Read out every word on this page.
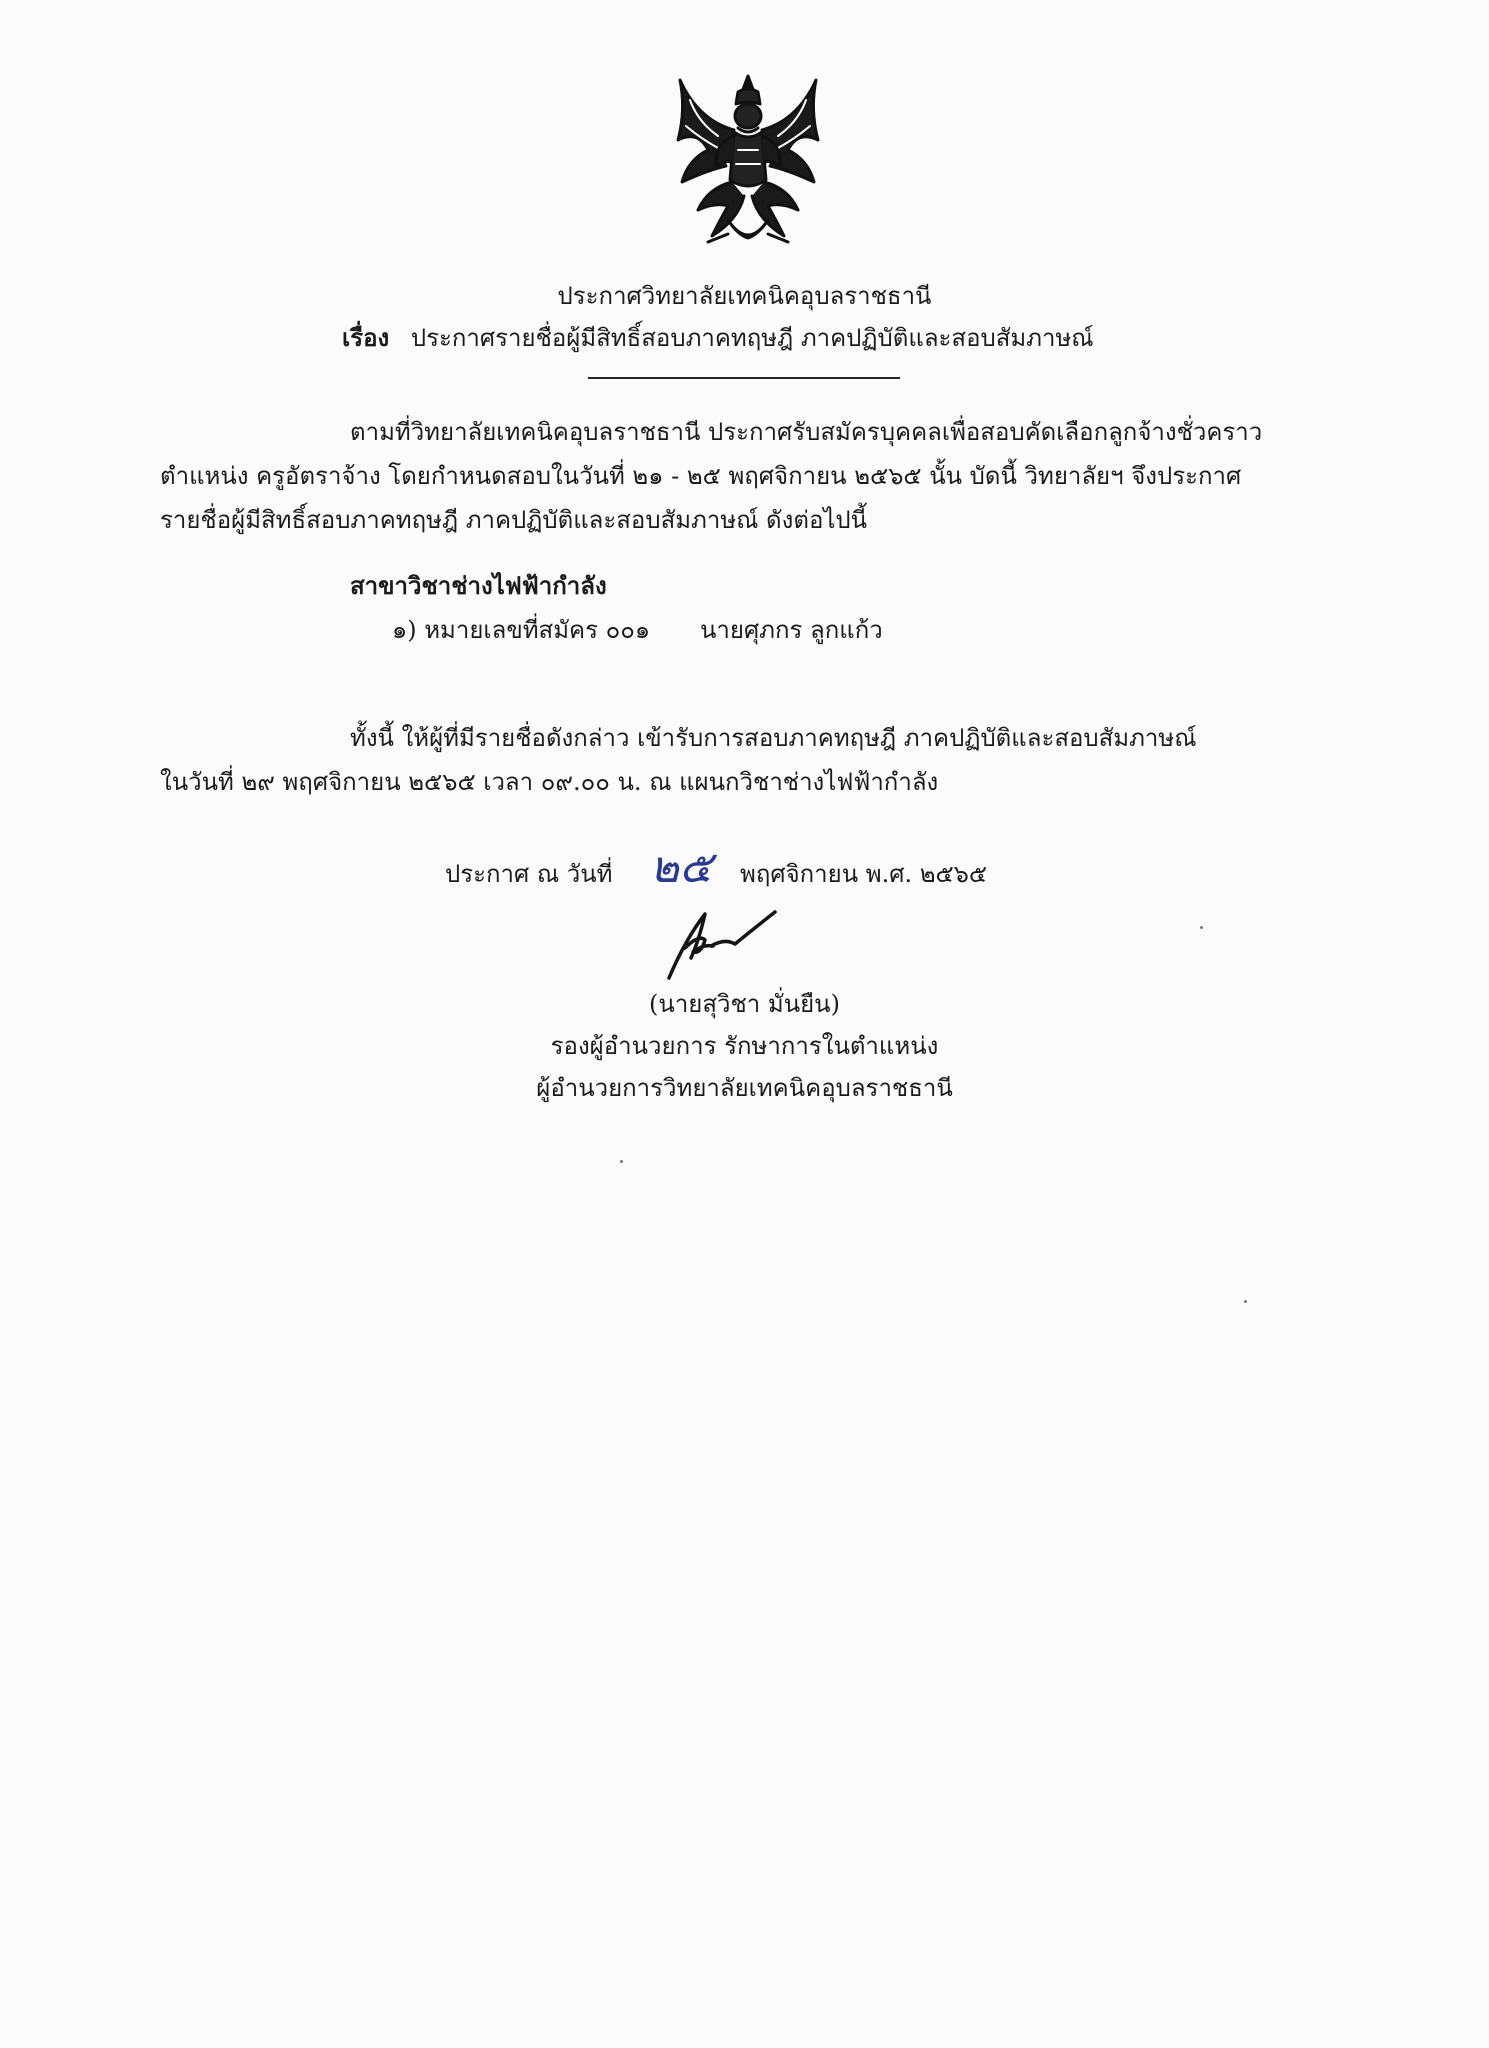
ประกาศวิทยาลัยเทคนิคอุบลราชธานี
เรื่อง ประกาศรายชื่อผู้มีสิทธิ์สอบภาคทฤษฎี ภาคปฏิบัติและสอบสัมภาษณ์
ตามที่วิทยาลัยเทคนิคอุบลราชธานี ประกาศรับสมัครบุคคลเพื่อสอบคัดเลือกลูกจ้างชั่วคราว
ตำแหน่ง ครูอัตราจ้าง โดยกำหนดสอบในวันที่ ๒๑ - ๒๕ พฤศจิกายน ๒๕๖๕ นั้น บัดนี้ วิทยาลัยฯ จึงประกาศ
รายชื่อผู้มีสิทธิ์สอบภาคทฤษฎี ภาคปฏิบัติและสอบสัมภาษณ์ ดังต่อไปนี้
สาขาวิชาช่างไฟฟ้ากำลัง
๑) หมายเลขที่สมัคร ๐๐๑ นายศุภกร ลูกแก้ว
ทั้งนี้ ให้ผู้ที่มีรายชื่อดังกล่าว เข้ารับการสอบภาคทฤษฎี ภาคปฏิบัติและสอบสัมภาษณ์
ในวันที่ ๒๙ พฤศจิกายน ๒๕๖๕ เวลา ๐๙.๐๐ น. ณ แผนกวิชาช่างไฟฟ้ากำลัง
ประกาศ ณ วันที่ ๒๕ พฤศจิกายน พ.ศ. ๒๕๖๕
(นายสุวิชา มั่นยืน)
รองผู้อำนวยการ รักษาการในตำแหน่ง
ผู้อำนวยการวิทยาลัยเทคนิคอุบลราชธานี
